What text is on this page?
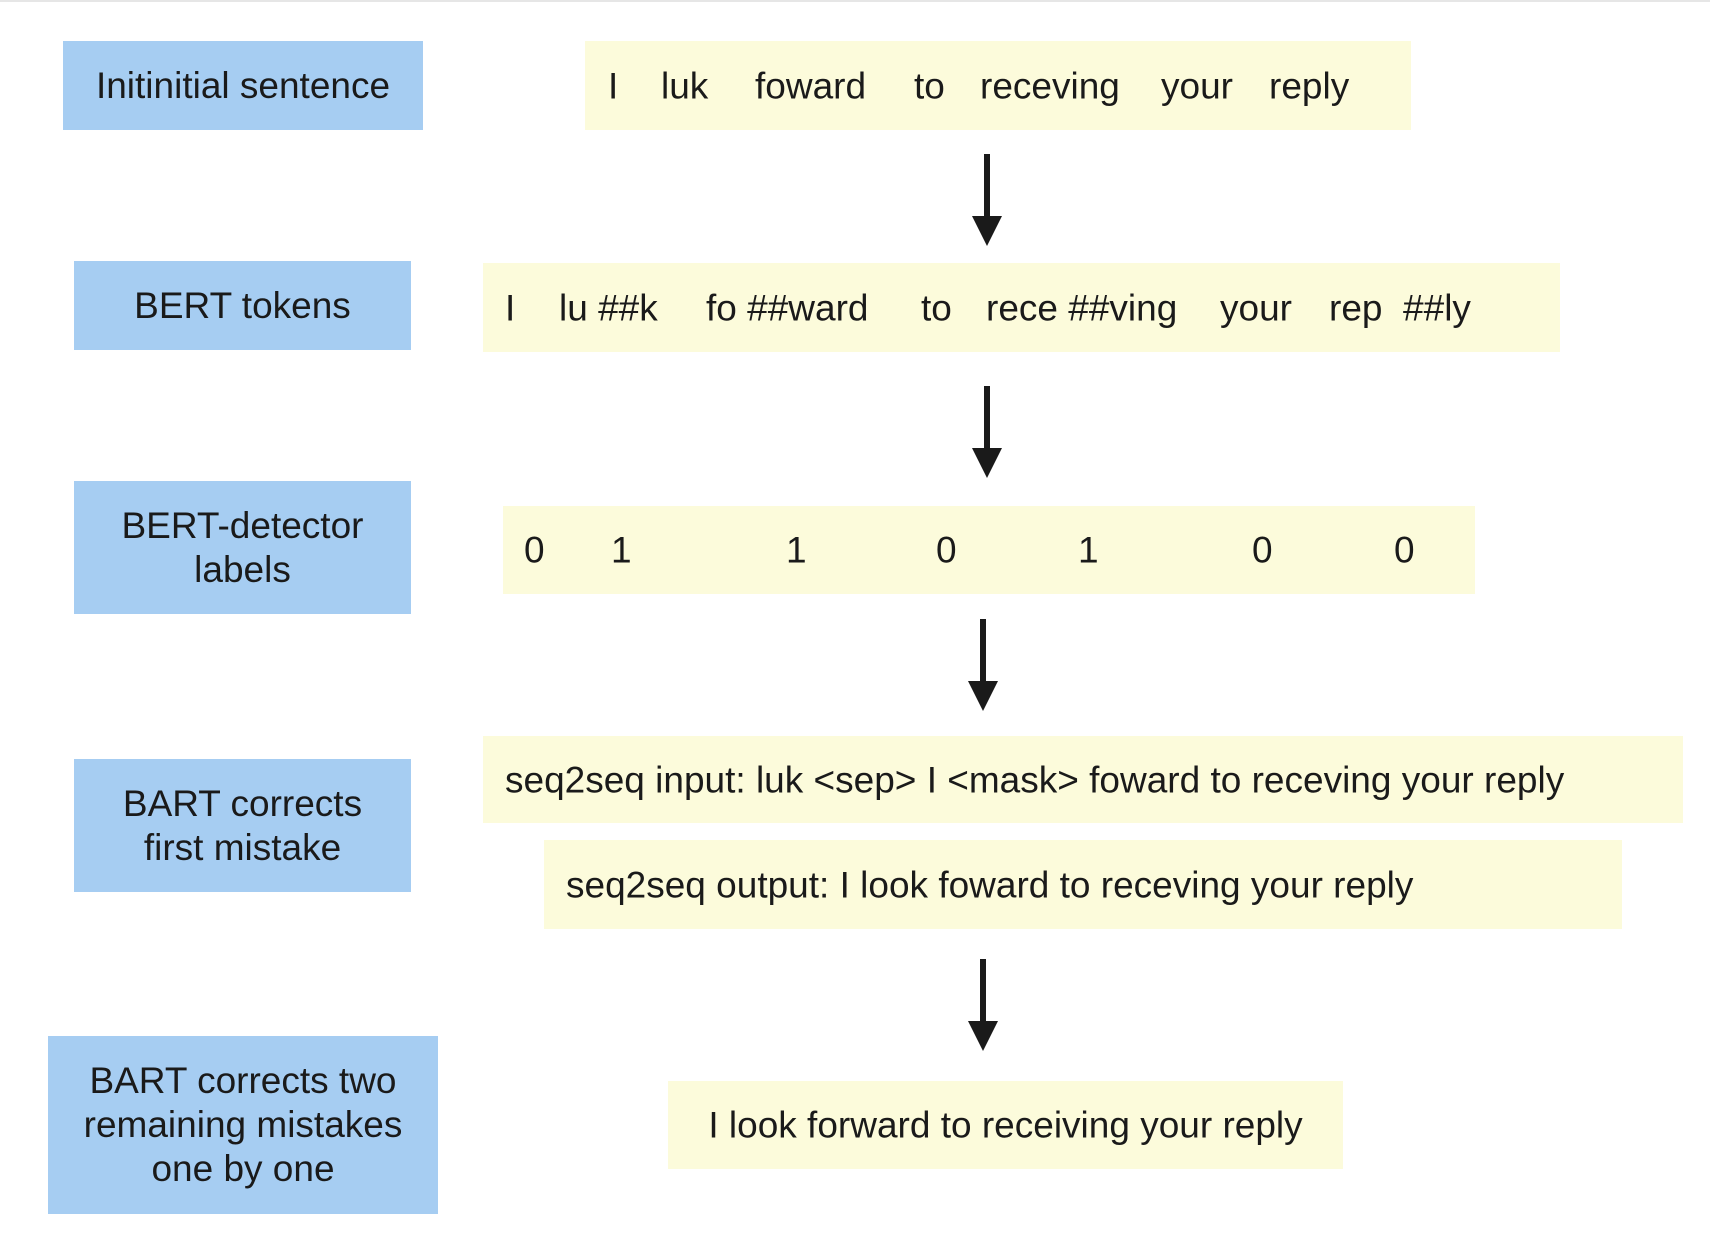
Initinitial sentence	I luk foward to receving your reply
BERT tokens	I lu ##k fo ##ward to rece ##ving your rep  ##ly
BERT-detector
labels	0 1	1	0	1	0	0
BART corrects
first mistake
seq2seq input: luk <sep> I <mask> foward to receving your reply
seq2seq output: I look foward to receving your reply
BART corrects two
remaining mistakes
one by one
I look forward to receiving your reply
